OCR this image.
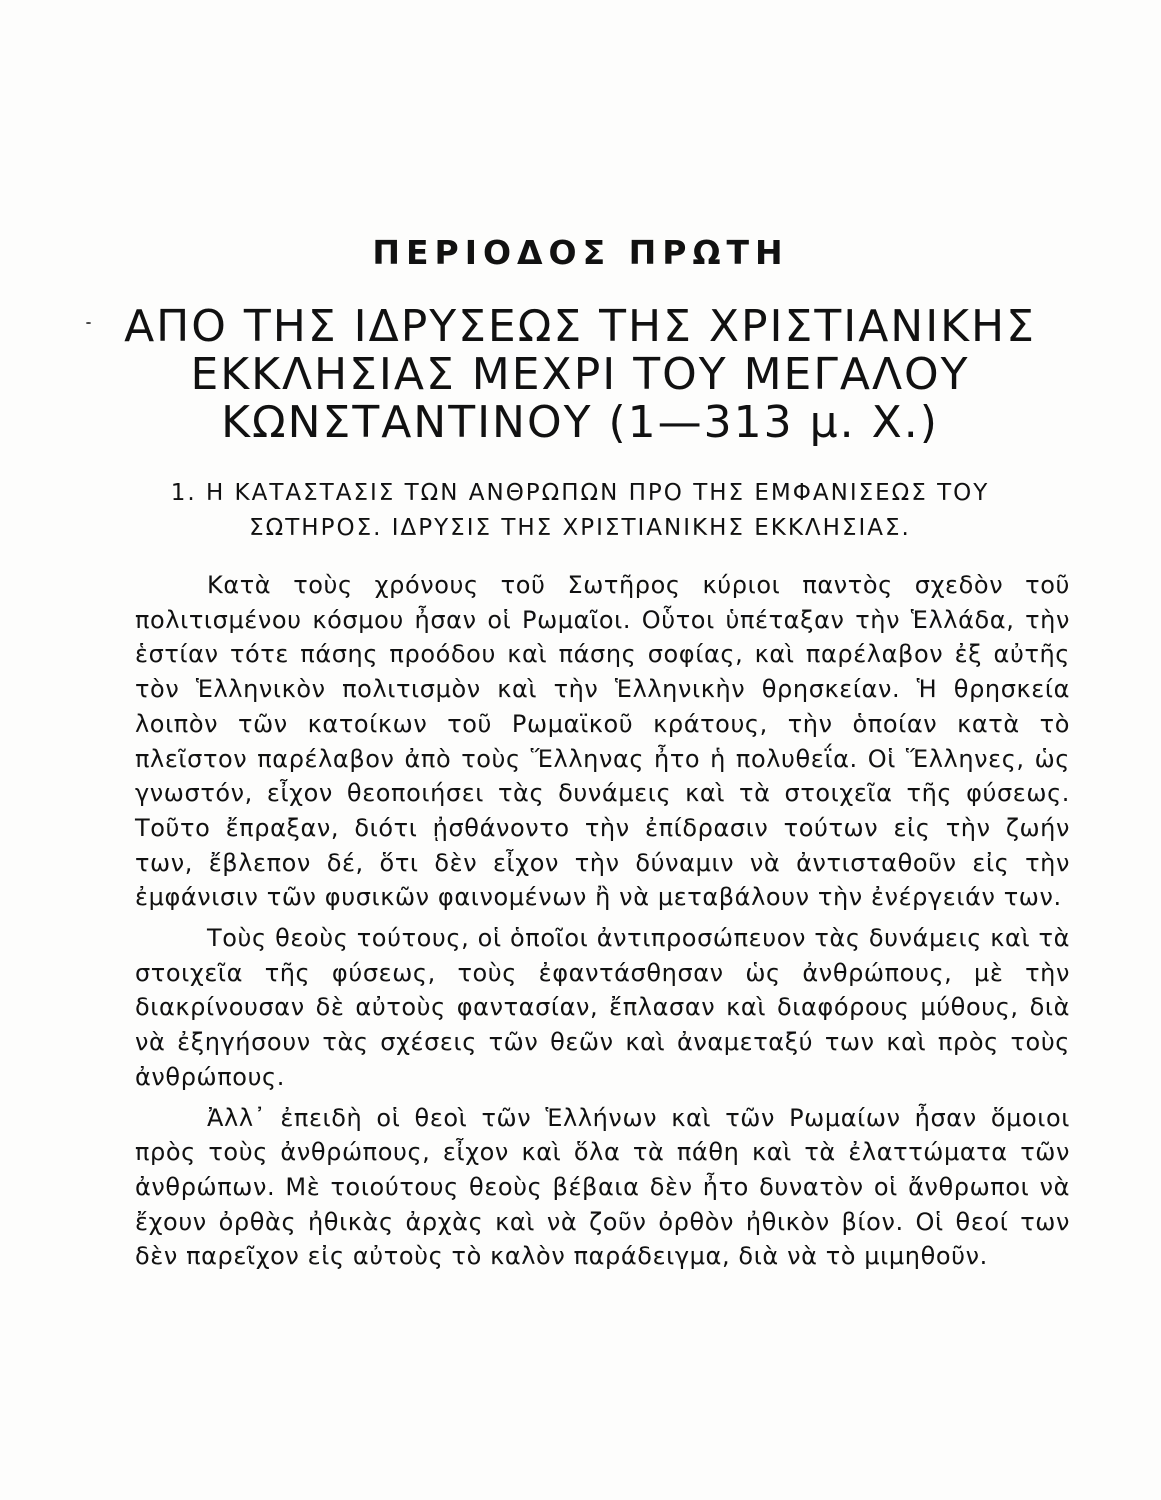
ΠΕΡΙΟΔΟΣ ΠΡΩΤΗ
ΑΠΟ ΤΗΣ ΙΔΡΥΣΕΩΣ ΤΗΣ ΧΡΙΣΤΙΑΝΙΚΗΣ ΕΚΚΛΗΣΙΑΣ ΜΕΧΡΙ ΤΟΥ ΜΕΓΑΛΟΥ ΚΩΝΣΤΑΝΤΙΝΟΥ (1—313 μ. Χ.)
1. Η ΚΑΤΑΣΤΑΣΙΣ ΤΩΝ ΑΝΘΡΩΠΩΝ ΠΡΟ ΤΗΣ ΕΜΦΑΝΙΣΕΩΣ ΤΟΥ ΣΩΤΗΡΟΣ. ΙΔΡΥΣΙΣ ΤΗΣ ΧΡΙΣΤΙΑΝΙΚΗΣ ΕΚΚΛΗΣΙΑΣ.

Κατὰ τοὺς χρόνους τοῦ Σωτῆρος κύριοι παντὸς σχεδὸν τοῦ πολιτισμένου κόσμου ἦσαν οἱ Ρωμαῖοι. Οὗτοι ὑπέταξαν τὴν Ἑλλάδα, τὴν ἑστίαν τότε πάσης προόδου καὶ πάσης σοφίας, καὶ παρέλαβον ἐξ αὐτῆς τὸν Ἑλληνικὸν πολιτισμὸν καὶ τὴν Ἑλληνικὴν θρησκείαν. Ἡ θρησκεία λοιπὸν τῶν κατοίκων τοῦ Ρωμαϊκοῦ κράτους, τὴν ὁποίαν κατὰ τὸ πλεῖστον παρέλαβον ἀπὸ τοὺς Ἕλληνας ἦτο ἡ πολυθεΐα. Οἱ Ἕλληνες, ὡς γνωστόν, εἶχον θεοποιήσει τὰς δυνάμεις καὶ τὰ στοιχεῖα τῆς φύσεως. Τοῦτο ἔπραξαν, διότι ᾐσθάνοντο τὴν ἐπίδρασιν τούτων εἰς τὴν ζωήν των, ἔβλεπον δέ, ὅτι δὲν εἶχον τὴν δύναμιν νὰ ἀντισταθοῦν εἰς τὴν ἐμφάνισιν τῶν φυσικῶν φαινομένων ἢ νὰ μεταβάλουν τὴν ἐνέργειάν των.

Τοὺς θεοὺς τούτους, οἱ ὁποῖοι ἀντιπροσώπευον τὰς δυνάμεις καὶ τὰ στοιχεῖα τῆς φύσεως, τοὺς ἐφαντάσθησαν ὡς ἀνθρώπους, μὲ τὴν διακρίνουσαν δὲ αὐτοὺς φαντασίαν, ἔπλασαν καὶ διαφόρους μύθους, διὰ νὰ ἐξηγήσουν τὰς σχέσεις τῶν θεῶν καὶ ἀναμεταξύ των καὶ πρὸς τοὺς ἀνθρώπους.

Ἀλλ᾿ ἐπειδὴ οἱ θεοὶ τῶν Ἑλλήνων καὶ τῶν Ρωμαίων ἦσαν ὅμοιοι πρὸς τοὺς ἀνθρώπους, εἶχον καὶ ὅλα τὰ πάθη καὶ τὰ ἐλαττώματα τῶν ἀνθρώπων. Μὲ τοιούτους θεοὺς βέβαια δὲν ἦτο δυνατὸν οἱ ἄνθρωποι νὰ ἔχουν ὀρθὰς ἠθικὰς ἀρχὰς καὶ νὰ ζοῦν ὀρθὸν ἠθικὸν βίον. Οἱ θεοί των δὲν παρεῖχον εἰς αὐτοὺς τὸ καλὸν παράδειγμα, διὰ νὰ τὸ μιμηθοῦν.
